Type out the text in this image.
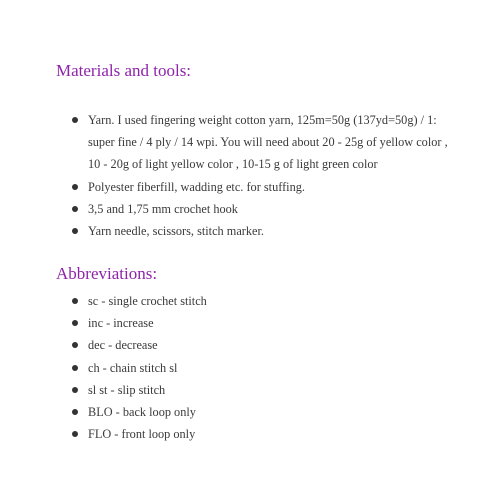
Materials and tools:
Yarn. I used fingering weight cotton yarn, 125m=50g (137yd=50g) / 1:
super fine / 4 ply / 14 wpi. You will need about 20 - 25g of yellow color ,
10 - 20g of light yellow color , 10-15 g of light green color
Polyester fiberfill, wadding etc. for stuffing.
3,5 and 1,75 mm crochet hook
Yarn needle, scissors, stitch marker.
Abbreviations:
sc - single crochet stitch
inc - increase
dec - decrease
ch - chain stitch sl
sl st - slip stitch
BLO - back loop only
FLO - front loop only
